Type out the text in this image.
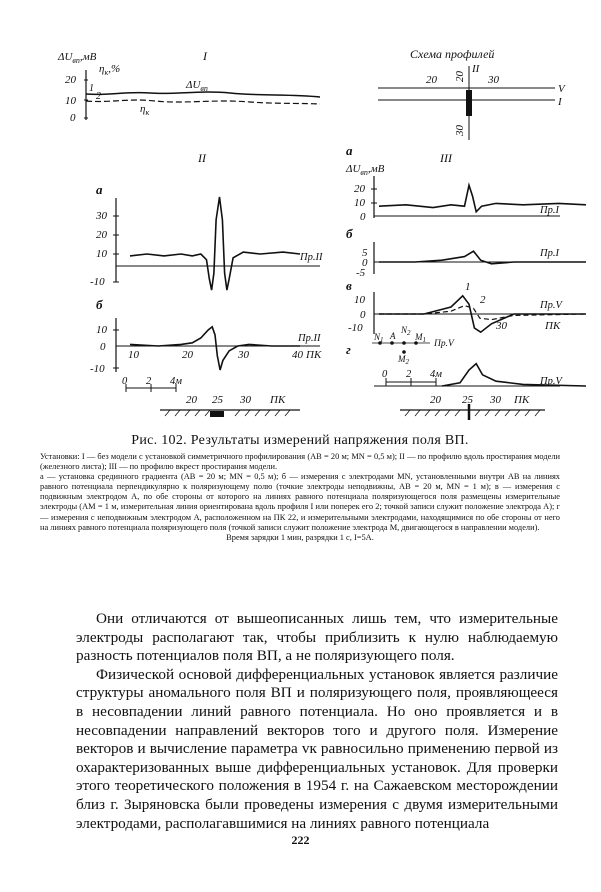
$\Delta U_{вп},мВ$
$\eta_к,\%$
I
20
10
0
1
2
$\Delta U_{вп}$
$\eta_к$
Схема профилей
20 20 30
30
II
V
I
II
а
30
20
10
-10
Пр.II
б
10
0
-10
10	20	30	40 ПК
Пр.II
0 2 4м
20 25 30 ПК
а	III
$\Delta U_{вп},мВ$
20
10
0
Пр.I
б
5
0
-5
Пр.I
в
10
0
-10
1
2	Пр.V
30	ПК
$N_1$ A
$N_2$ $M_1$
$M_2$
Пр.V
г
Пр.V
0 2 4м
20 25 30 ПК
Рис. 102. Результаты измерений напряжения поля ВП.

Установки: I — без модели с установкой симметричного профилирования (AB = 20 м; MN = 0,5 м); II — по профилю вдоль простирания модели (железного листа); III — по профилю вкрест простирания модели.

а — установка срединного градиента (AB = 20 м; MN = 0,5 м); б — измерения с электродами MN, установленными внутри AB на линиях равного потенциала перпендикулярно к поляризующему полю (точкие электроды неподвижны, AB = 20 м, MN = 1 м); в — измерения с подвижным электродом A, по обе стороны от которого на линиях равного потенциала поляризующегося поля размещены измерительные электроды (AM = 1 м, измерительная линия ориентирована вдоль профиля I или поперек его 2; точкой записи служит положение электрода A); г — измерения с неподвижным электродом A, расположенном на ПК 22, и измерительными электродами, находящимися по обе стороны от него на линиях равного потенциала поляризующего поля (точкой записи служит положение электрода M, двигающегося в направлении модели).

Время зарядки 1 мин, разрядки 1 с, I=5A.

Они отличаются от вышеописанных лишь тем, что измерительные электроды располагают так, чтобы приблизить к нулю наблюдаемую разность потенциалов поля ВП, а не поляризующего поля.

Физической основой дифференциальных установок является различие структуры аномального поля ВП и поляризующего поля, проявляющееся в несовпадении линий равного потенциала. Но оно проявляется и в несовпадении направлений векторов того и другого поля. Измерение векторов и вычисление параметра vк равносильно применению первой из охарактеризованных выше дифференциальных установок. Для проверки этого теоретического положения в 1954 г. на Сажаевском месторождении близ г. Зыряновска были проведены измерения с двумя измерительными электродами, располагавшимися на линиях равного потенциала

222
